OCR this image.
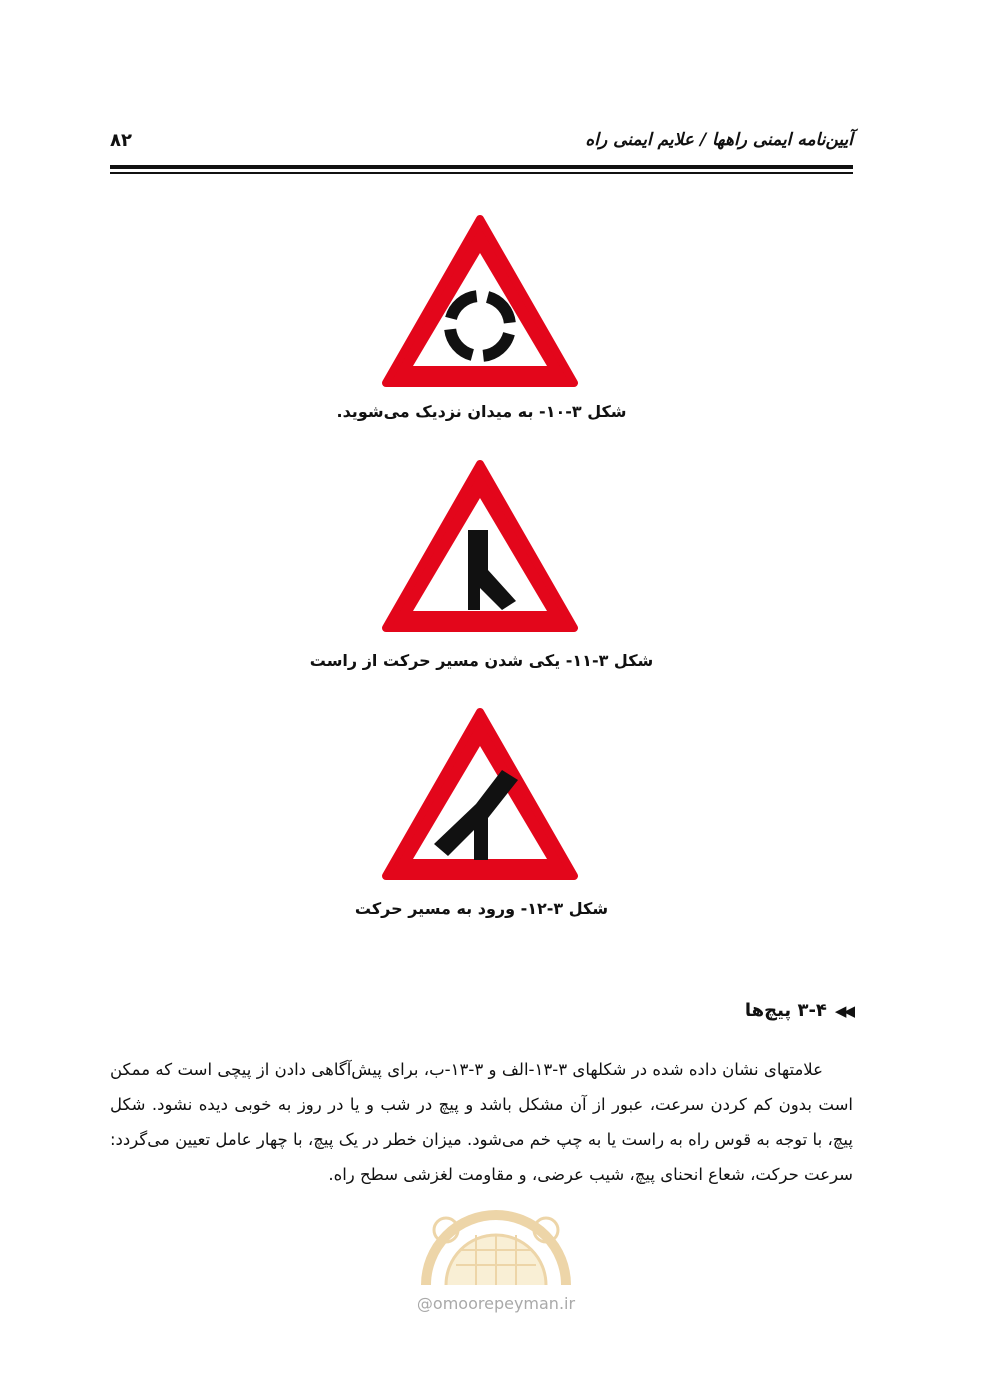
آیین‌نامه ایمنی راهها / علایم ایمنی راه
۸۲
شکل ۳-۱۰- به میدان نزدیک می‌شوید.
شکل ۳-۱۱- یکی شدن مسیر حرکت از راست
شکل ۳-۱۲- ورود به مسیر حرکت
◀◀
۳-۴ پیچ‌ها
علامتهای نشان داده شده در شکلهای ۳-۱۳-الف و ۳-۱۳-ب، برای پیش‌آگاهی دادن از پیچی است که ممکن است بدون کم کردن سرعت، عبور از آن مشکل باشد و پیچ در شب و یا در روز به خوبی دیده نشود. شکل پیچ، با توجه به قوس راه به راست یا به چپ خم می‌شود. میزان خطر در یک پیچ، با چهار عامل تعیین می‌گردد: سرعت حرکت، شعاع انحنای پیچ، شیب عرضی، و مقاومت لغزشی سطح راه.
@omoorepeyman.ir
